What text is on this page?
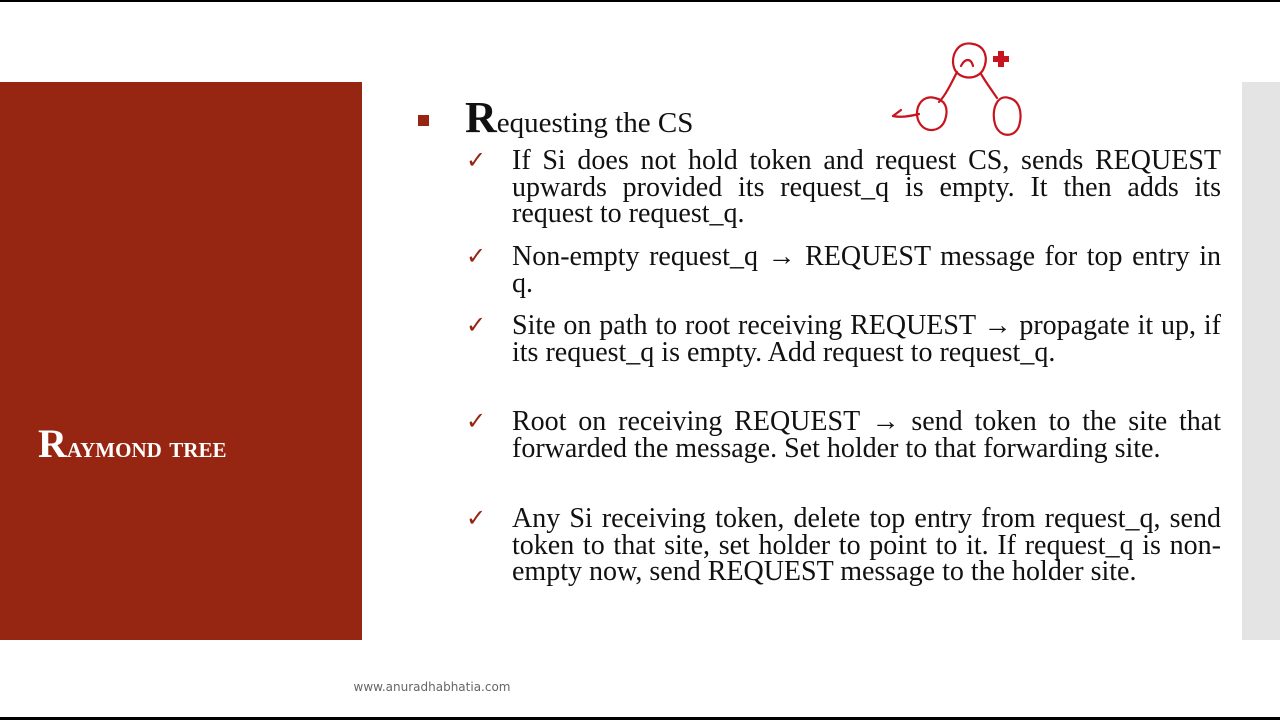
Raymond tree
Requesting the CS
✓ If Si does not hold token and request CS, sends REQUEST upwards provided its request_q is empty. It then adds its request to request_q.
✓ Non-empty request_q → REQUEST message for top entry in q.
✓ Site on path to root receiving REQUEST → propagate it up, if its request_q is empty. Add request to request_q.
✓ Root on receiving REQUEST → send token to the site that forwarded the message. Set holder to that forwarding site.
✓ Any Si receiving token, delete top entry from request_q, send token to that site, set holder to point to it. If request_q is non-empty now, send REQUEST message to the holder site.
www.anuradhabhatia.com
